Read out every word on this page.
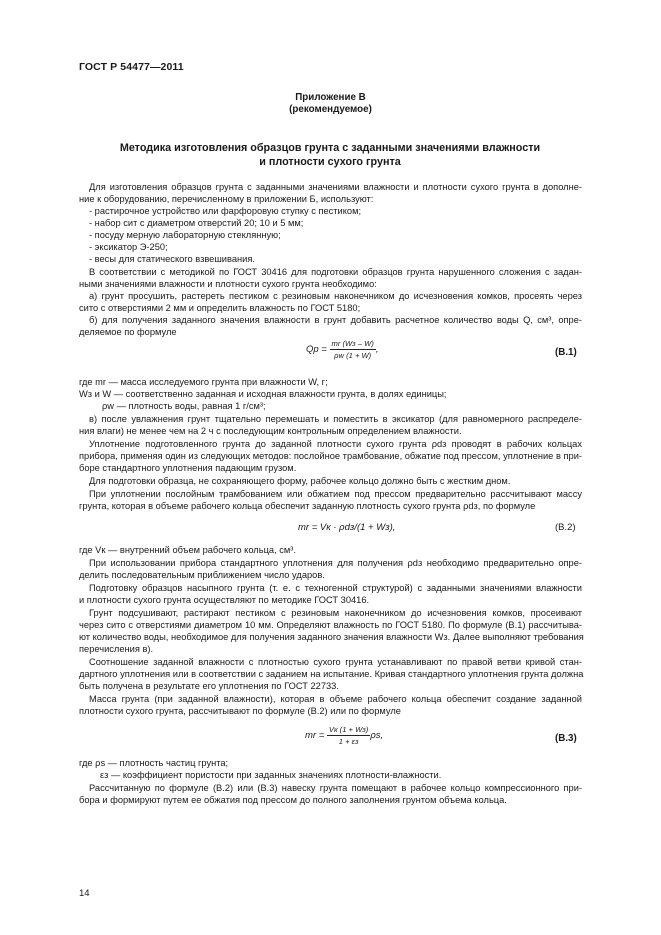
ГОСТ Р 54477—2011
Приложение В
(рекомендуемое)
Методика изготовления образцов грунта с заданными значениями влажности
и плотности сухого грунта
Для изготовления образцов грунта с заданными значениями влажности и плотности сухого грунта в дополне-
ние к оборудованию, перечисленному в приложении Б, используют:
- растирочное устройство или фарфоровую ступку с пестиком;
- набор сит с диаметром отверстий 20; 10 и 5 мм;
- посуду мерную лабораторную стеклянную;
- эксикатор Э-250;
- весы для статического взвешивания.
В соответствии с методикой по ГОСТ 30416 для подготовки образцов грунта нарушенного сложения с задан-
ными значениями влажности и плотности сухого грунта необходимо:
а) грунт просушить, растереть пестиком с резиновым наконечником до исчезновения комков, просеять через
сито с отверстиями 2 мм и определить влажность по ГОСТ 5180;
б) для получения заданного значения влажности в грунт добавить расчетное количество воды Q, см³, опре-
деляемое по формуле
Qр = $\frac{mr (Wз - W)}{\rho w (1 + W)}$ ,	(В.1)
где mr — масса исследуемого грунта при влажности W, г;
Wз и W — соответственно заданная и исходная влажности грунта, в долях единицы;
ρw — плотность воды, равная 1 г/см³;
в) после увлажнения грунт тщательно перемешать и поместить в эксикатор (для равномерного распределе-
ния влаги) не менее чем на 2 ч с последующим контрольным определением влажности.
Уплотнение подготовленного грунта до заданной плотности сухого грунта ρdз проводят в рабочих кольцах
прибора, применяя один из следующих методов: послойное трамбование, обжатие под прессом, уплотнение в при-
боре стандартного уплотнения падающим грузом.
Для подготовки образца, не сохраняющего форму, рабочее кольцо должно быть с жестким дном.
При уплотнении послойным трамбованием или обжатием под прессом предварительно рассчитывают массу
грунта, которая в объеме рабочего кольца обеспечит заданную плотность сухого грунта ρdз, по формуле
mr = Vк · ρdз/(1 + Wз),	(В.2)
где Vк — внутренний объем рабочего кольца, см³.
При использовании прибора стандартного уплотнения для получения ρdз необходимо предварительно опре-
делить последовательным приближением число ударов.
Подготовку образцов насыпного грунта (т. е. с техногенной структурой) с заданными значениями влажности
и плотности сухого грунта осуществляют по методике ГОСТ 30416.
Грунт подсушивают, растирают пестиком с резиновым наконечником до исчезновения комков, просеивают
через сито с отверстиями диаметром 10 мм. Определяют влажность по ГОСТ 5180. По формуле (В.1) рассчитыва-
ют количество воды, необходимое для получения заданного значения влажности Wз. Далее выполняют требования
перечисления в).
Соотношение заданной влажности с плотностью сухого грунта устанавливают по правой ветви кривой стан-
дартного уплотнения или в соответствии с заданием на испытание. Кривая стандартного уплотнения грунта должна
быть получена в результате его уплотнения по ГОСТ 22733.
Масса грунта (при заданной влажности), которая в объеме рабочего кольца обеспечит создание заданной
плотности сухого грунта, рассчитывают по формуле (В.2) или по формуле
mr = $\frac{Vк (1 + Wз)}{1 + \varepsilon з} \rho s$,	(В.3)
где ρs — плотность частиц грунта;
εз — коэффициент пористости при заданных значениях плотности-влажности.
Рассчитанную по формуле (В.2) или (В.3) навеску грунта помещают в рабочее кольцо компрессионного при-
бора и формируют путем ее обжатия под прессом до полного заполнения грунтом объема кольца.
14
